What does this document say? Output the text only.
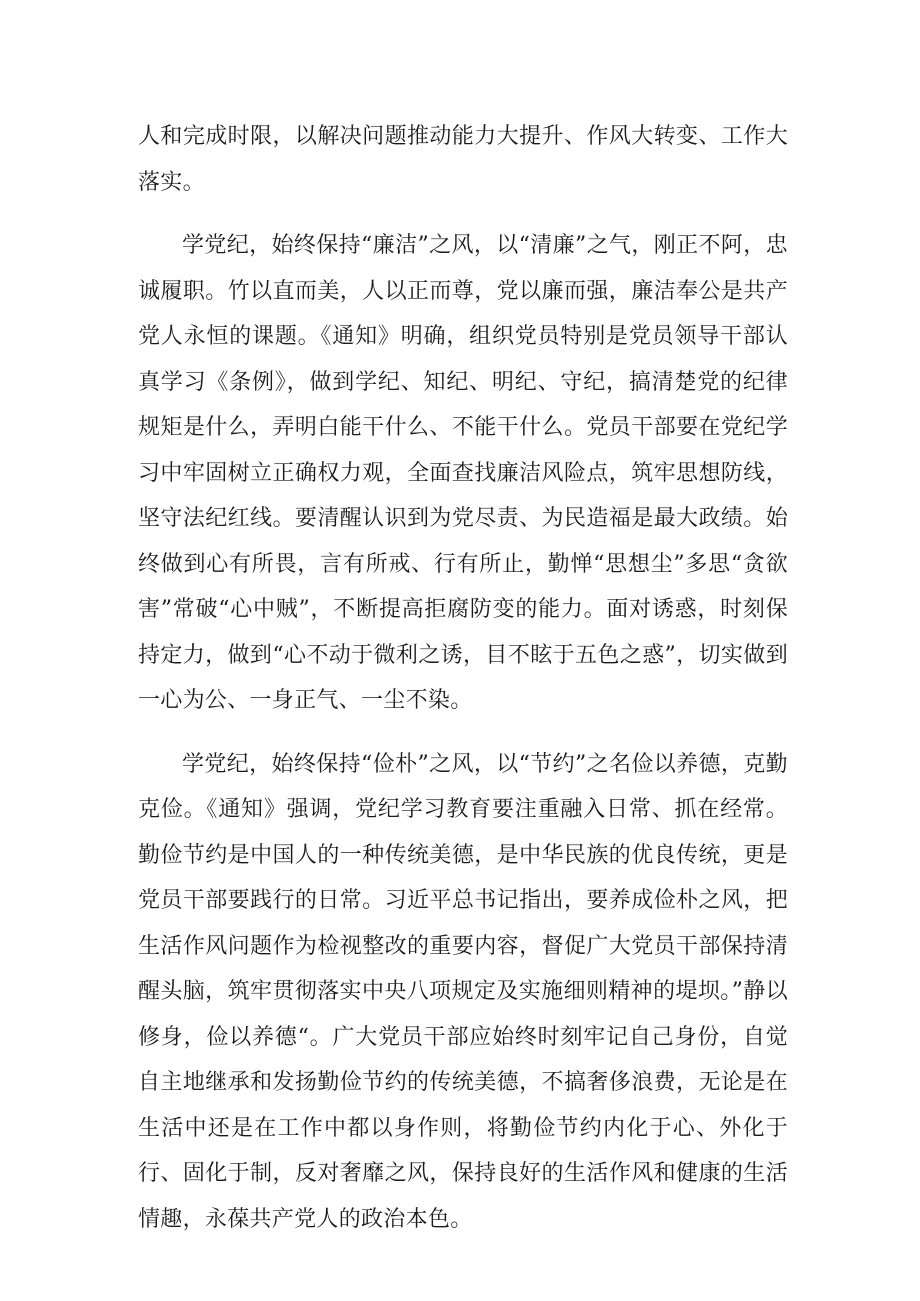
人和完成时限，以解决问题推动能力大提升、作风大转变、工作大落实。

学党纪，始终保持“廉洁”之风，以“清廉”之气，刚正不阿，忠诚履职。竹以直而美，人以正而尊，党以廉而强，廉洁奉公是共产党人永恒的课题。《通知》明确，组织党员特别是党员领导干部认真学习《条例》，做到学纪、知纪、明纪、守纪，搞清楚党的纪律规矩是什么，弄明白能干什么、不能干什么。党员干部要在党纪学习中牢固树立正确权力观，全面查找廉洁风险点，筑牢思想防线，坚守法纪红线。要清醒认识到为党尽责、为民造福是最大政绩。始终做到心有所畏，言有所戒、行有所止，勤惮“思想尘”多思“贪欲害”常破“心中贼”，不断提高拒腐防变的能力。面对诱惑，时刻保持定力，做到“心不动于微利之诱，目不眩于五色之惑”，切实做到一心为公、一身正气、一尘不染。

学党纪，始终保持“俭朴”之风，以“节约”之名俭以养德，克勤克俭。《通知》强调，党纪学习教育要注重融入日常、抓在经常。勤俭节约是中国人的一种传统美德，是中华民族的优良传统，更是党员干部要践行的日常。习近平总书记指出，要养成俭朴之风，把生活作风问题作为检视整改的重要内容，督促广大党员干部保持清醒头脑，筑牢贯彻落实中央八项规定及实施细则精神的堤坝。”静以修身，俭以养德“。广大党员干部应始终时刻牢记自己身份，自觉自主地继承和发扬勤俭节约的传统美德，不搞奢侈浪费，无论是在生活中还是在工作中都以身作则，将勤俭节约内化于心、外化于行、固化于制，反对奢靡之风，保持良好的生活作风和健康的生活情趣，永葆共产党人的政治本色。
